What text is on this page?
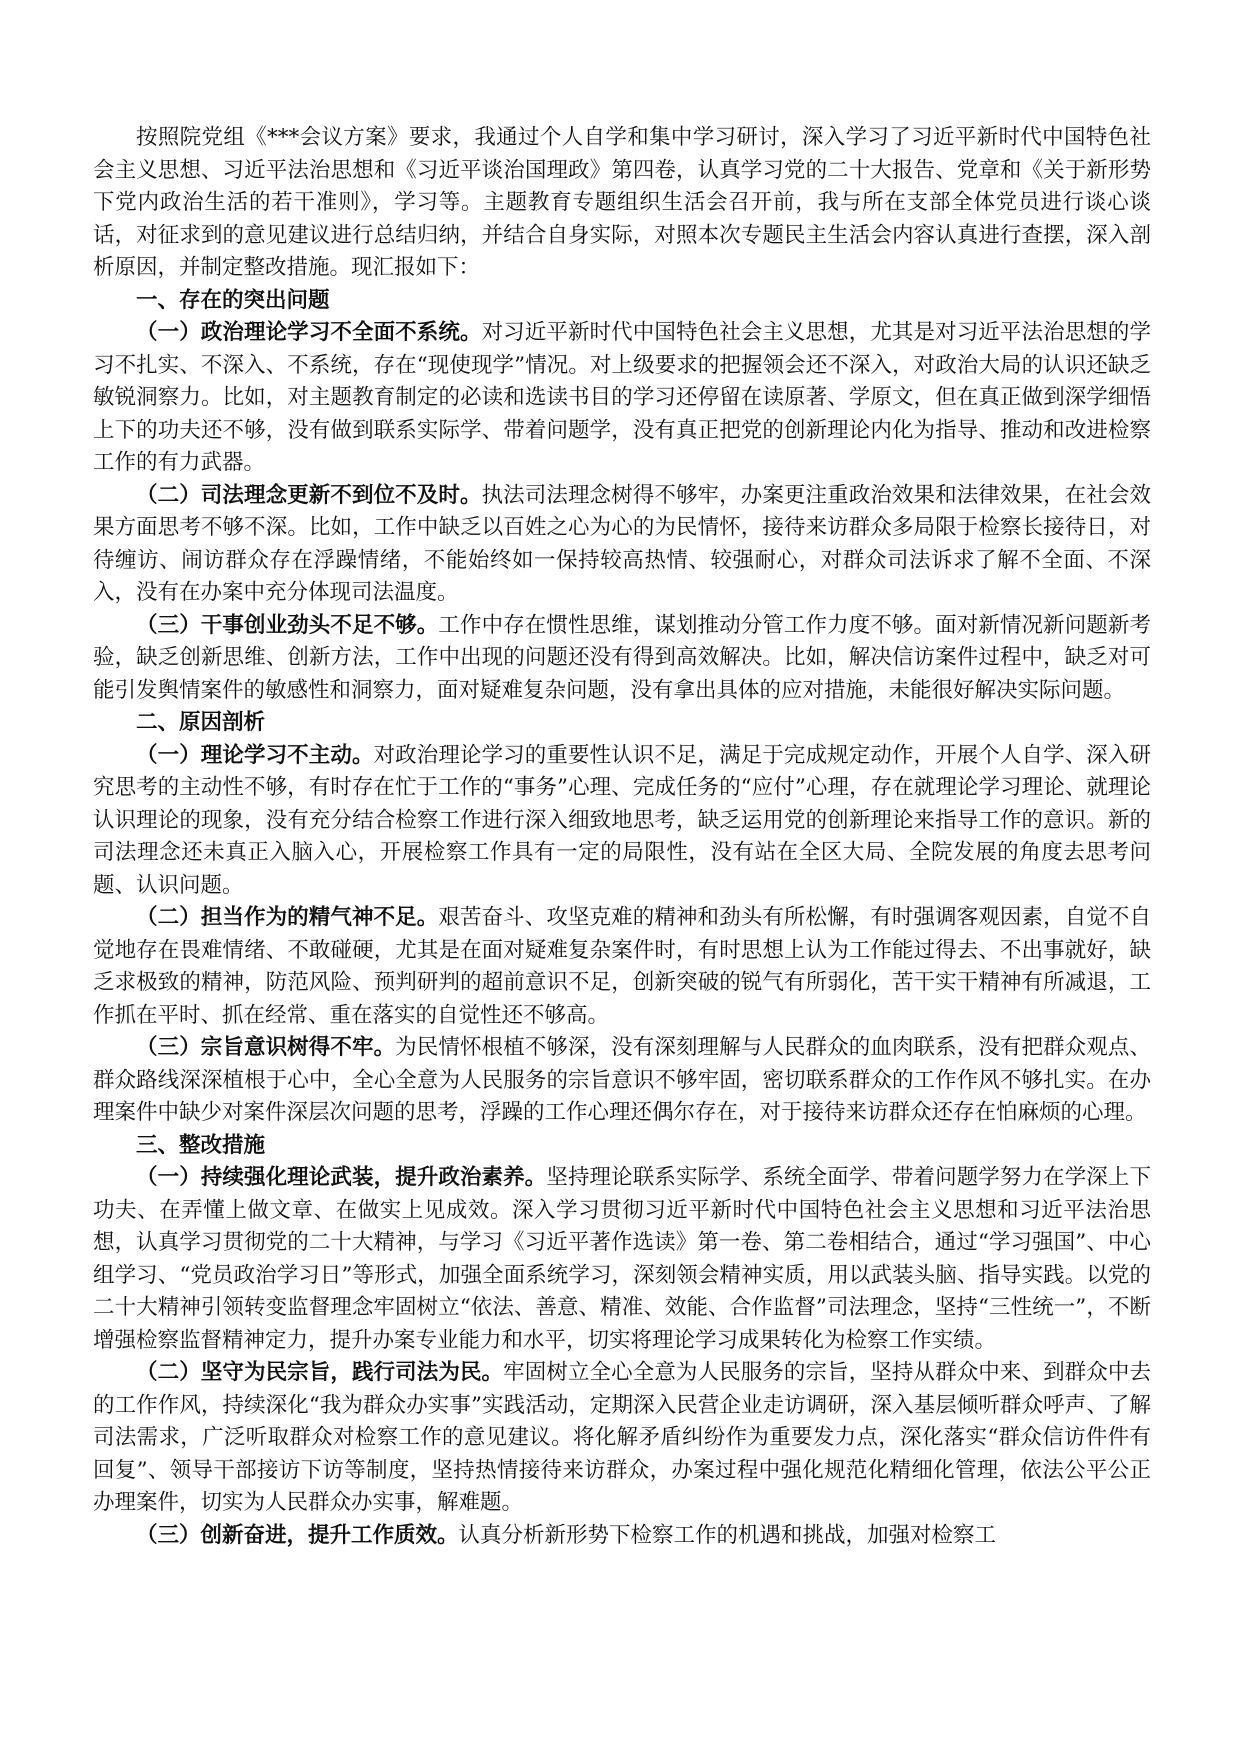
按照院党组《***会议方案》要求，我通过个人自学和集中学习研讨，深入学习了习近平新时代中国特色社会主义思想、习近平法治思想和《习近平谈治国理政》第四卷，认真学习党的二十大报告、党章和《关于新形势下党内政治生活的若干准则》，学习等。主题教育专题组织生活会召开前，我与所在支部全体党员进行谈心谈话，对征求到的意见建议进行总结归纳，并结合自身实际，对照本次专题民主生活会内容认真进行查摆，深入剖析原因，并制定整改措施。现汇报如下：

一、存在的突出问题

（一）政治理论学习不全面不系统。对习近平新时代中国特色社会主义思想，尤其是对习近平法治思想的学习不扎实、不深入、不系统，存在“现使现学”情况。对上级要求的把握领会还不深入，对政治大局的认识还缺乏敏锐洞察力。比如，对主题教育制定的必读和选读书目的学习还停留在读原著、学原文，但在真正做到深学细悟上下的功夫还不够，没有做到联系实际学、带着问题学，没有真正把党的创新理论内化为指导、推动和改进检察工作的有力武器。

（二）司法理念更新不到位不及时。执法司法理念树得不够牢，办案更注重政治效果和法律效果，在社会效果方面思考不够不深。比如，工作中缺乏以百姓之心为心的为民情怀，接待来访群众多局限于检察长接待日，对待缠访、闹访群众存在浮躁情绪，不能始终如一保持较高热情、较强耐心，对群众司法诉求了解不全面、不深入，没有在办案中充分体现司法温度。

（三）干事创业劲头不足不够。工作中存在惯性思维，谋划推动分管工作力度不够。面对新情况新问题新考验，缺乏创新思维、创新方法，工作中出现的问题还没有得到高效解决。比如，解决信访案件过程中，缺乏对可能引发舆情案件的敏感性和洞察力，面对疑难复杂问题，没有拿出具体的应对措施，未能很好解决实际问题。

二、原因剖析

（一）理论学习不主动。对政治理论学习的重要性认识不足，满足于完成规定动作，开展个人自学、深入研究思考的主动性不够，有时存在忙于工作的“事务”心理、完成任务的“应付”心理，存在就理论学习理论、就理论认识理论的现象，没有充分结合检察工作进行深入细致地思考，缺乏运用党的创新理论来指导工作的意识。新的司法理念还未真正入脑入心，开展检察工作具有一定的局限性，没有站在全区大局、全院发展的角度去思考问题、认识问题。

（二）担当作为的精气神不足。艰苦奋斗、攻坚克难的精神和劲头有所松懈，有时强调客观因素，自觉不自觉地存在畏难情绪、不敢碰硬，尤其是在面对疑难复杂案件时，有时思想上认为工作能过得去、不出事就好，缺乏求极致的精神，防范风险、预判研判的超前意识不足，创新突破的锐气有所弱化，苦干实干精神有所减退，工作抓在平时、抓在经常、重在落实的自觉性还不够高。

（三）宗旨意识树得不牢。为民情怀根植不够深，没有深刻理解与人民群众的血肉联系，没有把群众观点、群众路线深深植根于心中，全心全意为人民服务的宗旨意识不够牢固，密切联系群众的工作作风不够扎实。在办理案件中缺少对案件深层次问题的思考，浮躁的工作心理还偶尔存在，对于接待来访群众还存在怕麻烦的心理。

三、整改措施

（一）持续强化理论武装，提升政治素养。坚持理论联系实际学、系统全面学、带着问题学努力在学深上下功夫、在弄懂上做文章、在做实上见成效。深入学习贯彻习近平新时代中国特色社会主义思想和习近平法治思想，认真学习贯彻党的二十大精神，与学习《习近平著作选读》第一卷、第二卷相结合，通过“学习强国”、中心组学习、“党员政治学习日”等形式，加强全面系统学习，深刻领会精神实质，用以武装头脑、指导实践。以党的二十大精神引领转变监督理念牢固树立“依法、善意、精准、效能、合作监督”司法理念，坚持“三性统一”，不断增强检察监督精神定力，提升办案专业能力和水平，切实将理论学习成果转化为检察工作实绩。

（二）坚守为民宗旨，践行司法为民。牢固树立全心全意为人民服务的宗旨，坚持从群众中来、到群众中去的工作作风，持续深化“我为群众办实事”实践活动，定期深入民营企业走访调研，深入基层倾听群众呼声、了解司法需求，广泛听取群众对检察工作的意见建议。将化解矛盾纠纷作为重要发力点，深化落实“群众信访件件有回复”、领导干部接访下访等制度，坚持热情接待来访群众，办案过程中强化规范化精细化管理，依法公平公正办理案件，切实为人民群众办实事，解难题。

（三）创新奋进，提升工作质效。认真分析新形势下检察工作的机遇和挑战，加强对检察工
